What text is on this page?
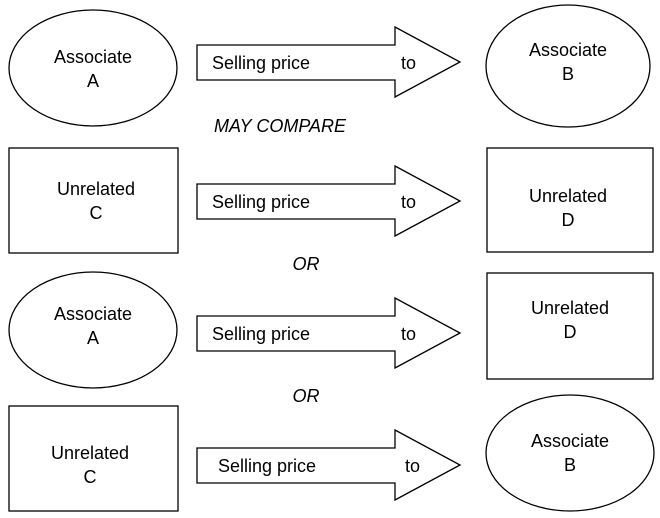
Associate
A
Selling price	to
Associate
B
MAY COMPARE
Unrelated
C
Selling price	to	Unrelated
D
OR
Associate
A	Selling price	to
Unrelated
D
OR
Unrelated
C
Selling price	to
Associate
B
